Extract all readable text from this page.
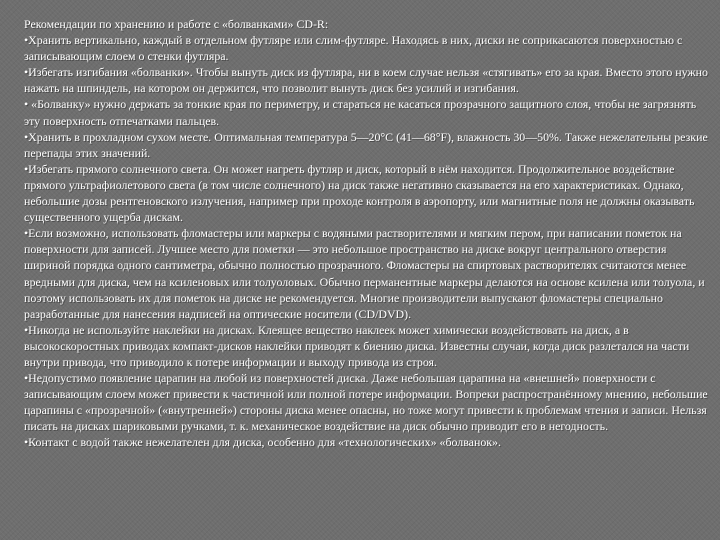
Рекомендации по хранению и работе с «болванками» CD-R:

•Хранить вертикально, каждый в отдельном футляре или слим-футляре. Находясь в них, диски не соприкасаются поверхностью с записывающим слоем о стенки футляра.

•Избегать изгибания «болванки». Чтобы вынуть диск из футляра, ни в коем случае нельзя «стягивать» его за края. Вместо этого нужно нажать на шпиндель, на котором он держится, что позволит вынуть диск без усилий и изгибания.

• «Болванку» нужно держать за тонкие края по периметру, и стараться не касаться прозрачного защитного слоя, чтобы не загрязнять эту поверхность отпечатками пальцев.

•Хранить в прохладном сухом месте. Оптимальная температура 5—20°C (41—68°F), влажность 30—50%. Также нежелательны резкие перепады этих значений.

•Избегать прямого солнечного света. Он может нагреть футляр и диск, который в нём находится. Продолжительное воздействие прямого ультрафиолетового света (в том числе солнечного) на диск также негативно сказывается на его характеристиках. Однако, небольшие дозы рентгеновского излучения, например при проходе контроля в аэропорту, или магнитные поля не должны оказывать существенного ущерба дискам.

•Если возможно, использовать фломастеры или маркеры с водяными растворителями и мягким пером, при написании пометок на поверхности для записей. Лучшее место для пометки — это небольшое пространство на диске вокруг центрального отверстия шириной порядка одного сантиметра, обычно полностью прозрачного. Фломастеры на спиртовых растворителях считаются менее вредными для диска, чем на ксиленовых или толуоловых. Обычно перманентные маркеры делаются на основе ксилена или толуола, и поэтому использовать их для пометок на диске не рекомендуется. Многие производители выпускают фломастеры специально разработанные для нанесения надписей на оптические носители (CD/DVD).

•Никогда не используйте наклейки на дисках. Клеящее вещество наклеек может химически воздействовать на диск, а в высокоскоростных приводах компакт-дисков наклейки приводят к биению диска. Известны случаи, когда диск разлетался на части внутри привода, что приводило к потере информации и выходу привода из строя.

•Недопустимо появление царапин на любой из поверхностей диска. Даже небольшая царапина на «внешней» поверхности с записывающим слоем может привести к частичной или полной потере информации. Вопреки распространённому мнению, небольшие царапины с «прозрачной» («внутренней») стороны диска менее опасны, но тоже могут привести к проблемам чтения и записи. Нельзя писать на дисках шариковыми ручками, т. к. механическое воздействие на диск обычно приводит его в негодность.

•Контакт с водой также нежелателен для диска, особенно для «технологических» «болванок».
